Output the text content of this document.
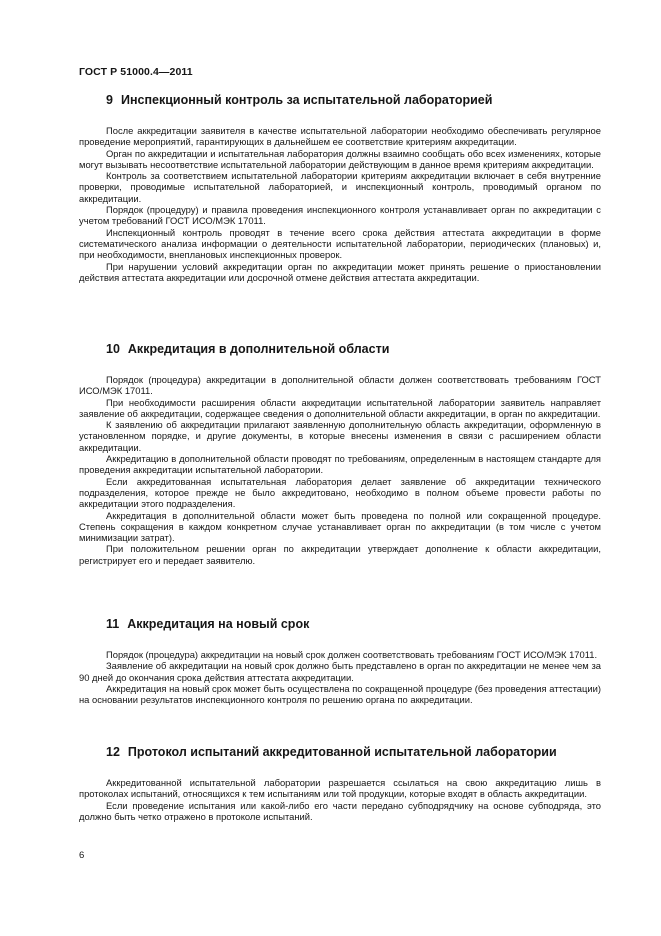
ГОСТ Р 51000.4—2011
9 Инспекционный контроль за испытательной лабораторией

После аккредитации заявителя в качестве испытательной лаборатории необходимо обеспечивать регулярное проведение мероприятий, гарантирующих в дальнейшем ее соответствие критериям аккредитации.

Орган по аккредитации и испытательная лаборатория должны взаимно сообщать обо всех изменениях, которые могут вызывать несоответствие испытательной лаборатории действующим в данное время критериям аккредитации.

Контроль за соответствием испытательной лаборатории критериям аккредитации включает в себя внутренние проверки, проводимые испытательной лабораторией, и инспекционный контроль, проводимый органом по аккредитации.

Порядок (процедуру) и правила проведения инспекционного контроля устанавливает орган по аккредитации с учетом требований ГОСТ ИСО/МЭК 17011.

Инспекционный контроль проводят в течение всего срока действия аттестата аккредитации в форме систематического анализа информации о деятельности испытательной лаборатории, периодических (плановых) и, при необходимости, внеплановых инспекционных проверок.

При нарушении условий аккредитации орган по аккредитации может принять решение о приостановлении действия аттестата аккредитации или досрочной отмене действия аттестата аккредитации.

10 Аккредитация в дополнительной области

Порядок (процедура) аккредитации в дополнительной области должен соответствовать требованиям ГОСТ ИСО/МЭК 17011.

При необходимости расширения области аккредитации испытательной лаборатории заявитель направляет заявление об аккредитации, содержащее сведения о дополнительной области аккредитации, в орган по аккредитации.

К заявлению об аккредитации прилагают заявленную дополнительную область аккредитации, оформленную в установленном порядке, и другие документы, в которые внесены изменения в связи с расширением области аккредитации.

Аккредитацию в дополнительной области проводят по требованиям, определенным в настоящем стандарте для проведения аккредитации испытательной лаборатории.

Если аккредитованная испытательная лаборатория делает заявление об аккредитации технического подразделения, которое прежде не было аккредитовано, необходимо в полном объеме провести работы по аккредитации этого подразделения.

Аккредитация в дополнительной области может быть проведена по полной или сокращенной процедуре. Степень сокращения в каждом конкретном случае устанавливает орган по аккредитации (в том числе с учетом минимизации затрат).

При положительном решении орган по аккредитации утверждает дополнение к области аккредитации, регистрирует его и передает заявителю.

11 Аккредитация на новый срок

Порядок (процедура) аккредитации на новый срок должен соответствовать требованиям ГОСТ ИСО/МЭК 17011.

Заявление об аккредитации на новый срок должно быть представлено в орган по аккредитации не менее чем за 90 дней до окончания срока действия аттестата аккредитации.

Аккредитация на новый срок может быть осуществлена по сокращенной процедуре (без проведения аттестации) на основании результатов инспекционного контроля по решению органа по аккредитации.

12 Протокол испытаний аккредитованной испытательной лаборатории

Аккредитованной испытательной лаборатории разрешается ссылаться на свою аккредитацию лишь в протоколах испытаний, относящихся к тем испытаниям или той продукции, которые входят в область аккредитации.

Если проведение испытания или какой-либо его части передано субподрядчику на основе субподряда, это должно быть четко отражено в протоколе испытаний.

6
